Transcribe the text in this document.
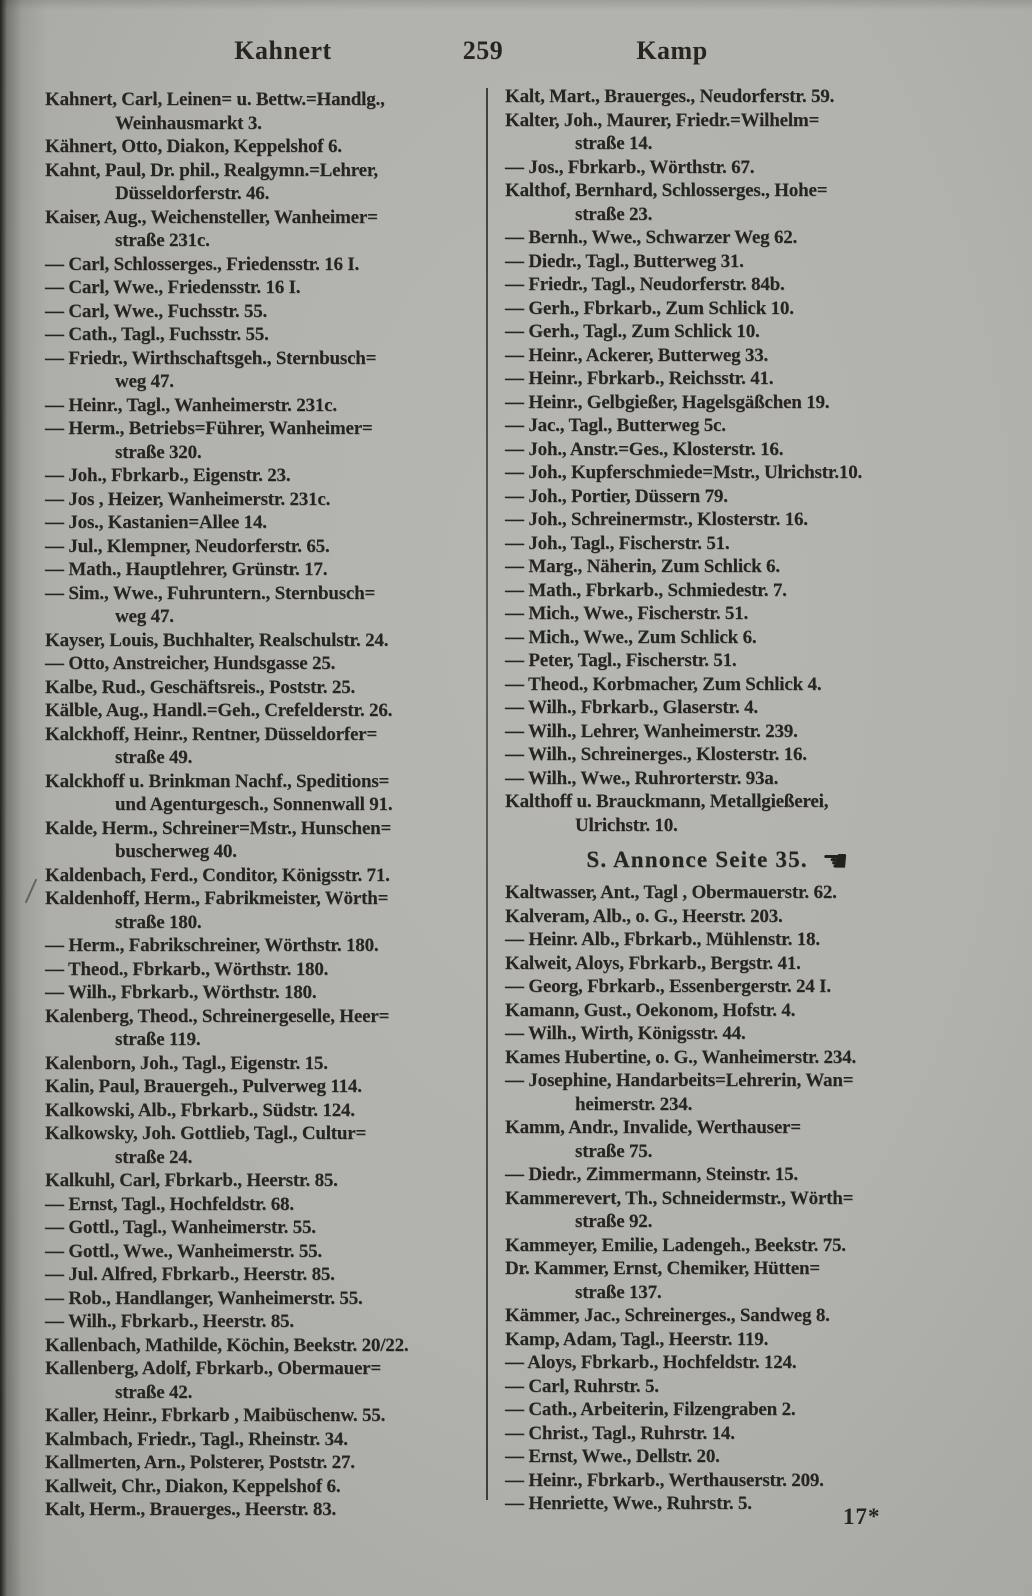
Kahnert	259	Kamp
Kahnert, Carl, Leinen= u. Bettw.=Handlg.,
Weinhausmarkt 3.
Kähnert, Otto, Diakon, Keppelshof 6.
Kahnt, Paul, Dr. phil., Realgymn.=Lehrer,
Düsseldorferstr. 46.
Kaiser, Aug., Weichensteller, Wanheimer=
straße 231c.
— Carl, Schlosserges., Friedensstr. 16 I.
— Carl, Wwe., Friedensstr. 16 I.
— Carl, Wwe., Fuchsstr. 55.
— Cath., Tagl., Fuchsstr. 55.
— Friedr., Wirthschaftsgeh., Sternbusch=
weg 47.
— Heinr., Tagl., Wanheimerstr. 231c.
— Herm., Betriebs=Führer, Wanheimer=
straße 320.
— Joh., Fbrkarb., Eigenstr. 23.
— Jos , Heizer, Wanheimerstr. 231c.
— Jos., Kastanien=Allee 14.
— Jul., Klempner, Neudorferstr. 65.
— Math., Hauptlehrer, Grünstr. 17.
— Sim., Wwe., Fuhruntern., Sternbusch=
weg 47.
Kayser, Louis, Buchhalter, Realschulstr. 24.
— Otto, Anstreicher, Hundsgasse 25.
Kalbe, Rud., Geschäftsreis., Poststr. 25.
Kälble, Aug., Handl.=Geh., Crefelderstr. 26.
Kalckhoff, Heinr., Rentner, Düsseldorfer=
straße 49.
Kalckhoff u. Brinkman Nachf., Speditions=
und Agenturgesch., Sonnenwall 91.
Kalde, Herm., Schreiner=Mstr., Hunschen=
buscherweg 40.
Kaldenbach, Ferd., Conditor, Königsstr. 71.
Kaldenhoff, Herm., Fabrikmeister, Wörth=
straße 180.
— Herm., Fabrikschreiner, Wörthstr. 180.
— Theod., Fbrkarb., Wörthstr. 180.
— Wilh., Fbrkarb., Wörthstr. 180.
Kalenberg, Theod., Schreinergeselle, Heer=
straße 119.
Kalenborn, Joh., Tagl., Eigenstr. 15.
Kalin, Paul, Brauergeh., Pulverweg 114.
Kalkowski, Alb., Fbrkarb., Südstr. 124.
Kalkowsky, Joh. Gottlieb, Tagl., Cultur=
straße 24.
Kalkuhl, Carl, Fbrkarb., Heerstr. 85.
— Ernst, Tagl., Hochfeldstr. 68.
— Gottl., Tagl., Wanheimerstr. 55.
— Gottl., Wwe., Wanheimerstr. 55.
— Jul. Alfred, Fbrkarb., Heerstr. 85.
— Rob., Handlanger, Wanheimerstr. 55.
— Wilh., Fbrkarb., Heerstr. 85.
Kallenbach, Mathilde, Köchin, Beekstr. 20/22.
Kallenberg, Adolf, Fbrkarb., Obermauer=
straße 42.
Kaller, Heinr., Fbrkarb , Maibüschenw. 55.
Kalmbach, Friedr., Tagl., Rheinstr. 34.
Kallmerten, Arn., Polsterer, Poststr. 27.
Kallweit, Chr., Diakon, Keppelshof 6.
Kalt, Herm., Brauerges., Heerstr. 83.
Kalt, Mart., Brauerges., Neudorferstr. 59.
Kalter, Joh., Maurer, Friedr.=Wilhelm=
straße 14.
— Jos., Fbrkarb., Wörthstr. 67.
Kalthof, Bernhard, Schlosserges., Hohe=
straße 23.
— Bernh., Wwe., Schwarzer Weg 62.
— Diedr., Tagl., Butterweg 31.
— Friedr., Tagl., Neudorferstr. 84b.
— Gerh., Fbrkarb., Zum Schlick 10.
— Gerh., Tagl., Zum Schlick 10.
— Heinr., Ackerer, Butterweg 33.
— Heinr., Fbrkarb., Reichsstr. 41.
— Heinr., Gelbgießer, Hagelsgäßchen 19.
— Jac., Tagl., Butterweg 5c.
— Joh., Anstr.=Ges., Klosterstr. 16.
— Joh., Kupferschmiede=Mstr., Ulrichstr.10.
— Joh., Portier, Düssern 79.
— Joh., Schreinermstr., Klosterstr. 16.
— Joh., Tagl., Fischerstr. 51.
— Marg., Näherin, Zum Schlick 6.
— Math., Fbrkarb., Schmiedestr. 7.
— Mich., Wwe., Fischerstr. 51.
— Mich., Wwe., Zum Schlick 6.
— Peter, Tagl., Fischerstr. 51.
— Theod., Korbmacher, Zum Schlick 4.
— Wilh., Fbrkarb., Glaserstr. 4.
— Wilh., Lehrer, Wanheimerstr. 239.
— Wilh., Schreinerges., Klosterstr. 16.
— Wilh., Wwe., Ruhrorterstr. 93a.
Kalthoff u. Brauckmann, Metallgießerei,
Ulrichstr. 10.
S. Annonce Seite 35. ☚
Kaltwasser, Ant., Tagl , Obermauerstr. 62.
Kalveram, Alb., o. G., Heerstr. 203.
— Heinr. Alb., Fbrkarb., Mühlenstr. 18.
Kalweit, Aloys, Fbrkarb., Bergstr. 41.
— Georg, Fbrkarb., Essenbergerstr. 24 I.
Kamann, Gust., Oekonom, Hofstr. 4.
— Wilh., Wirth, Königsstr. 44.
Kames Hubertine, o. G., Wanheimerstr. 234.
— Josephine, Handarbeits=Lehrerin, Wan=
heimerstr. 234.
Kamm, Andr., Invalide, Werthauser=
straße 75.
— Diedr., Zimmermann, Steinstr. 15.
Kammerevert, Th., Schneidermstr., Wörth=
straße 92.
Kammeyer, Emilie, Ladengeh., Beekstr. 75.
Dr. Kammer, Ernst, Chemiker, Hütten=
straße 137.
Kämmer, Jac., Schreinerges., Sandweg 8.
Kamp, Adam, Tagl., Heerstr. 119.
— Aloys, Fbrkarb., Hochfeldstr. 124.
— Carl, Ruhrstr. 5.
— Cath., Arbeiterin, Filzengraben 2.
— Christ., Tagl., Ruhrstr. 14.
— Ernst, Wwe., Dellstr. 20.
— Heinr., Fbrkarb., Werthauserstr. 209.
— Henriette, Wwe., Ruhrstr. 5.
17*
